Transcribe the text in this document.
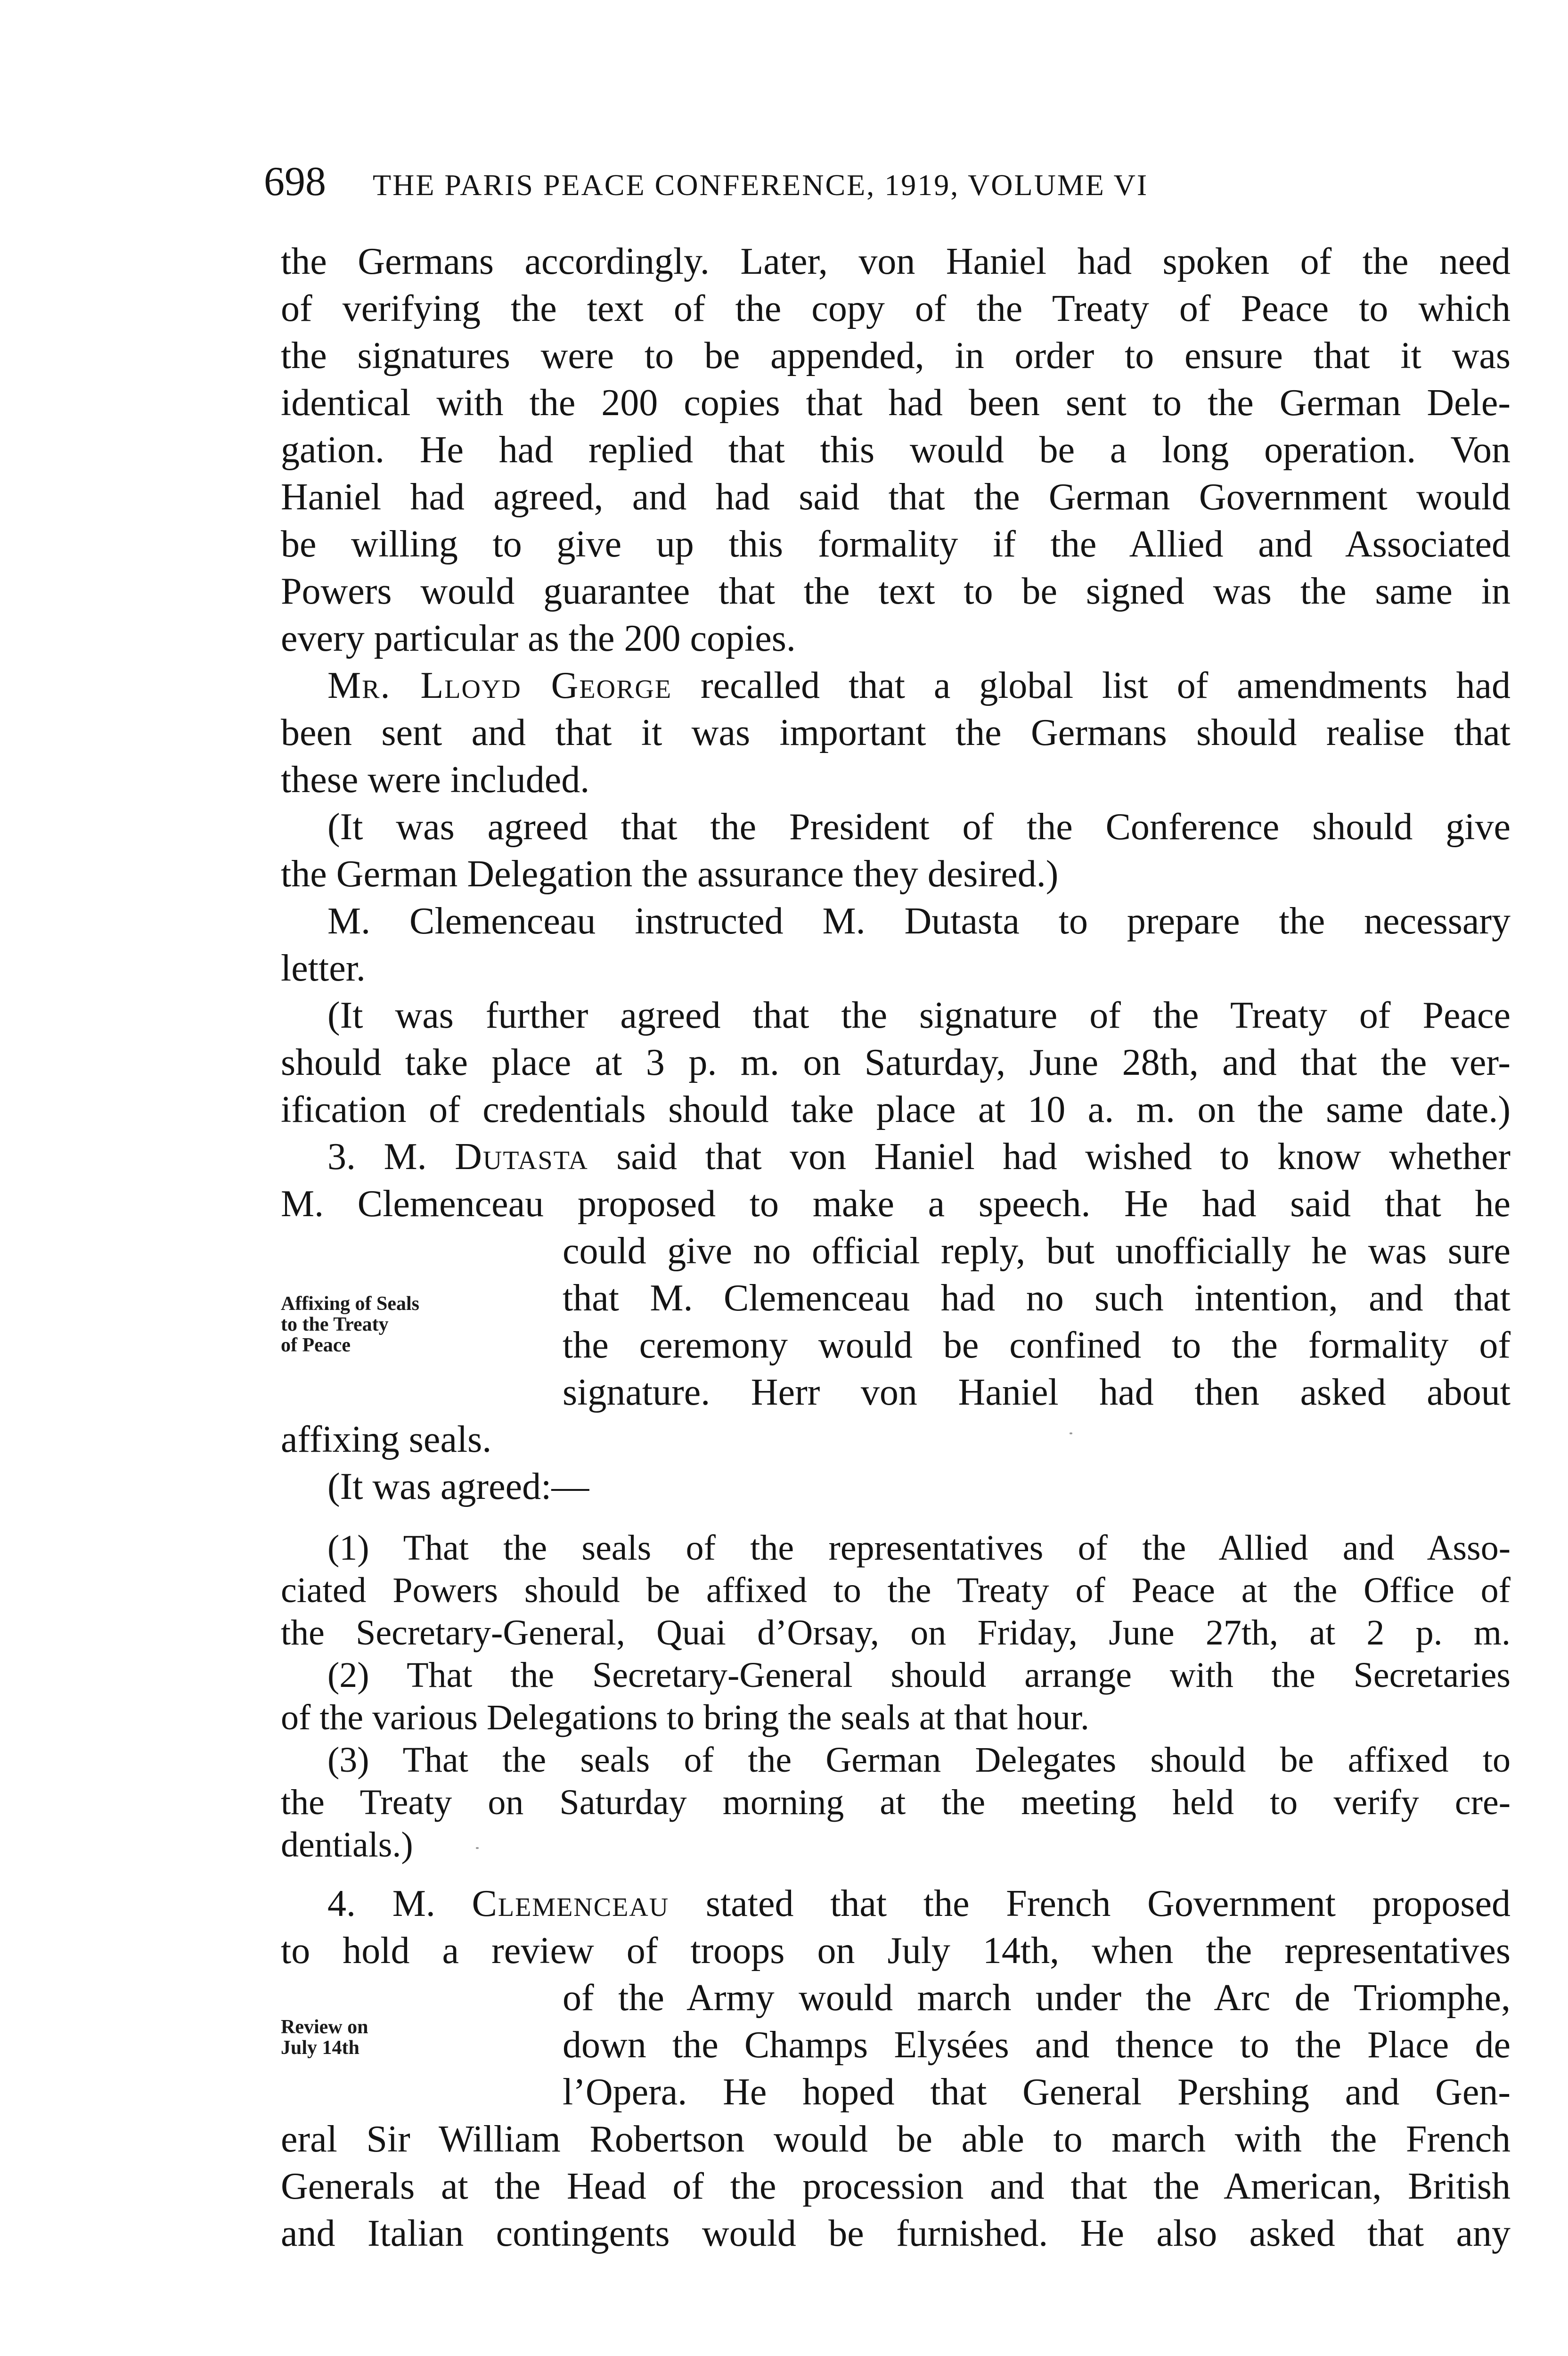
698 THE PARIS PEACE CONFERENCE, 1919, VOLUME VI
the Germans accordingly. Later, von Haniel had spoken of the need
of verifying the text of the copy of the Treaty of Peace to which
the signatures were to be appended, in order to ensure that it was
identical with the 200 copies that had been sent to the German Dele-
gation. He had replied that this would be a long operation. Von
Haniel had agreed, and had said that the German Government would
be willing to give up this formality if the Allied and Associated
Powers would guarantee that the text to be signed was the same in
every particular as the 200 copies.
Mr. Lloyd George recalled that a global list of amendments had
been sent and that it was important the Germans should realise that
these were included.
(It was agreed that the President of the Conference should give
the German Delegation the assurance they desired.)
M. Clemenceau instructed M. Dutasta to prepare the necessary
letter.
(It was further agreed that the signature of the Treaty of Peace
should take place at 3 p. m. on Saturday, June 28th, and that the ver-
ification of credentials should take place at 10 a. m. on the same date.)
3. M. Dutasta said that von Haniel had wished to know whether
M. Clemenceau proposed to make a speech. He had said that he
could give no official reply, but unofficially he was sure
that M. Clemenceau had no such intention, and that
the ceremony would be confined to the formality of
signature. Herr von Haniel had then asked about
affixing seals.
Affixing of Seals
to the Treaty
of Peace
(It was agreed:—
(1) That the seals of the representatives of the Allied and Asso-
ciated Powers should be affixed to the Treaty of Peace at the Office of
the Secretary-General, Quai d’Orsay, on Friday, June 27th, at 2 p. m.
(2) That the Secretary-General should arrange with the Secretaries
of the various Delegations to bring the seals at that hour.
(3) That the seals of the German Delegates should be affixed to
the Treaty on Saturday morning at the meeting held to verify cre-
dentials.)
4. M. Clemenceau stated that the French Government proposed
to hold a review of troops on July 14th, when the representatives
of the Army would march under the Arc de Triomphe,
down the Champs Elysées and thence to the Place de
l’Opera. He hoped that General Pershing and Gen-
eral Sir William Robertson would be able to march with the French
Generals at the Head of the procession and that the American, British
and Italian contingents would be furnished. He also asked that any
Review on
July 14th
